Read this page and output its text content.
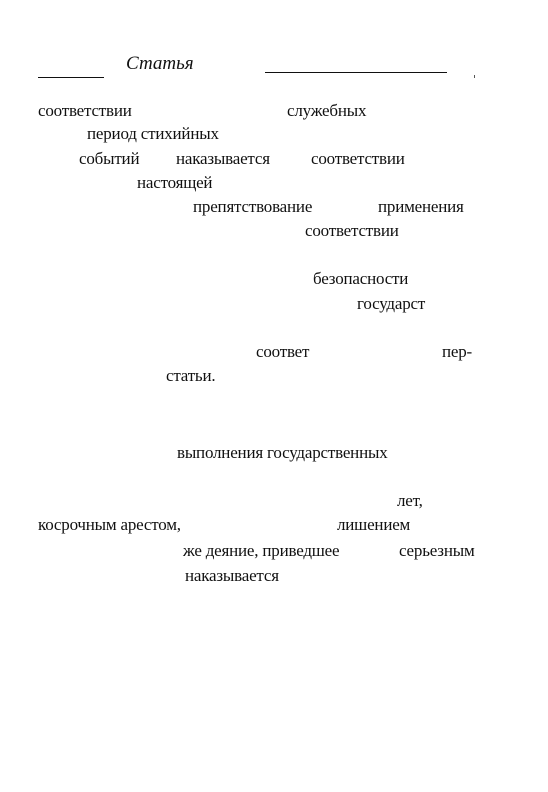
Статья
соответствии	служебных
период стихийных
событий наказывается соответствии
настоящей
препятствование	применения
соответствии
безопасности
государст
соответ	пер-
статьи.
выполнения государственных
лет,
косрочным арестом,	лишением
же деяние, приведшее	серьезным
наказывается
